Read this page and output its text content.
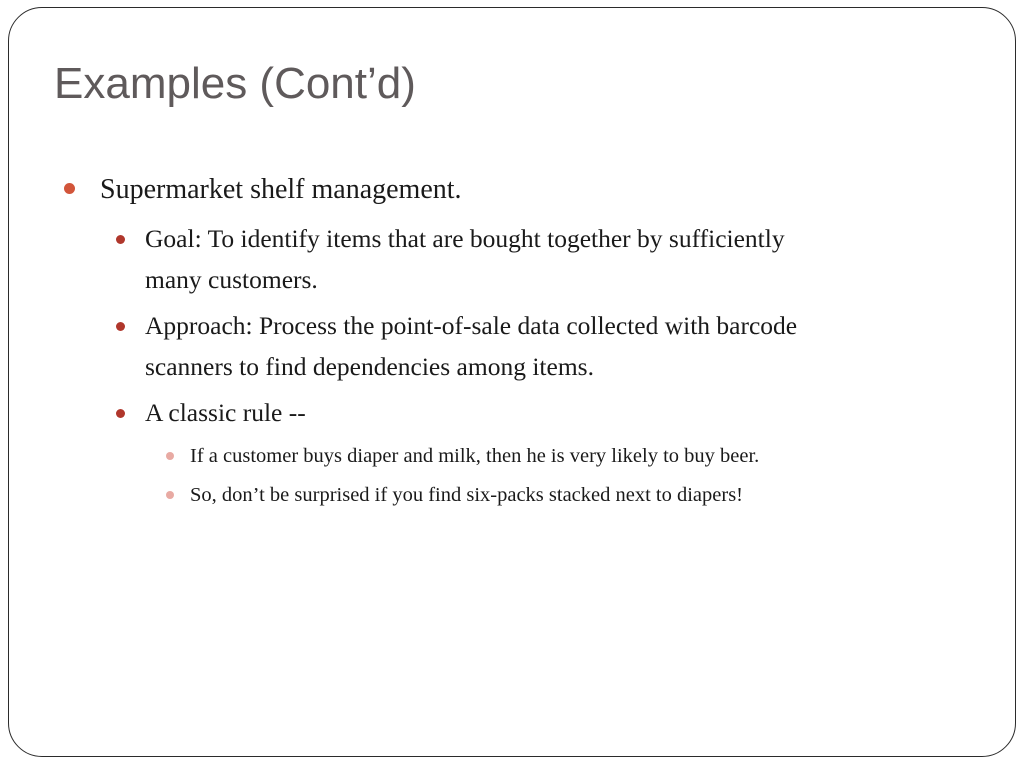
Examples (Cont’d)
Supermarket shelf management.
Goal: To identify items that are bought together by sufficiently
many customers.
Approach: Process the point-of-sale data collected with barcode
scanners to find dependencies among items.
A classic rule --
If a customer buys diaper and milk, then he is very likely to buy beer.
So, don’t be surprised if you find six-packs stacked next to diapers!
